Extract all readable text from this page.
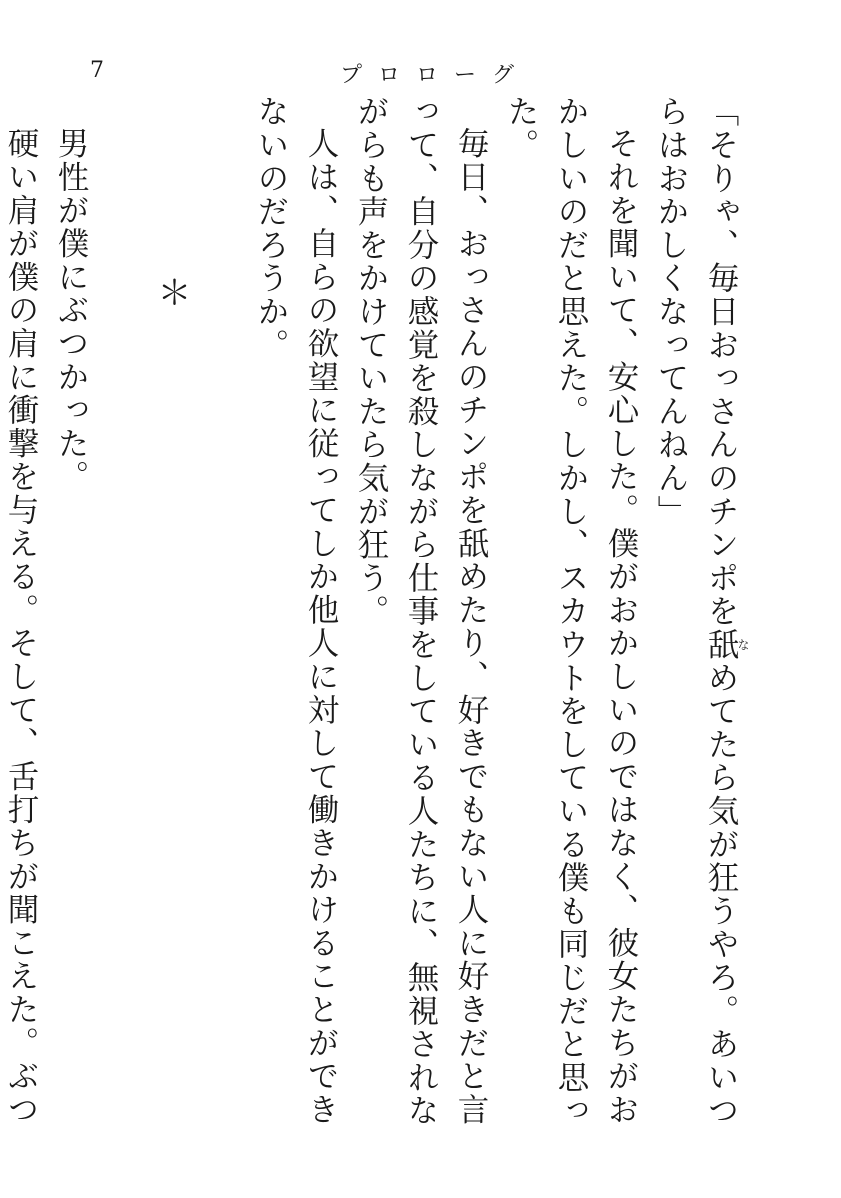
7	プロローグ
「そりゃ、毎日おっさんのチンポを舐なめてたら気が狂うやろ。あいつらはおかしくなってんねん」
それを聞いて、安心した。僕がおかしいのではなく、彼女たちがおかしいのだと思えた。しかし、スカウトをしている僕も同じだと思った。
毎日、おっさんのチンポを舐めたり、好きでもない人に好きだと言って、自分の感覚を殺しながら仕事をしている人たちに、無視されながらも声をかけていたら気が狂う。
人は、自らの欲望に従ってしか他人に対して働きかけることができないのだろうか。

＊

男性が僕にぶつかった。
硬い肩が僕の肩に衝撃を与える。そして、舌打ちが聞こえた。ぶつ
